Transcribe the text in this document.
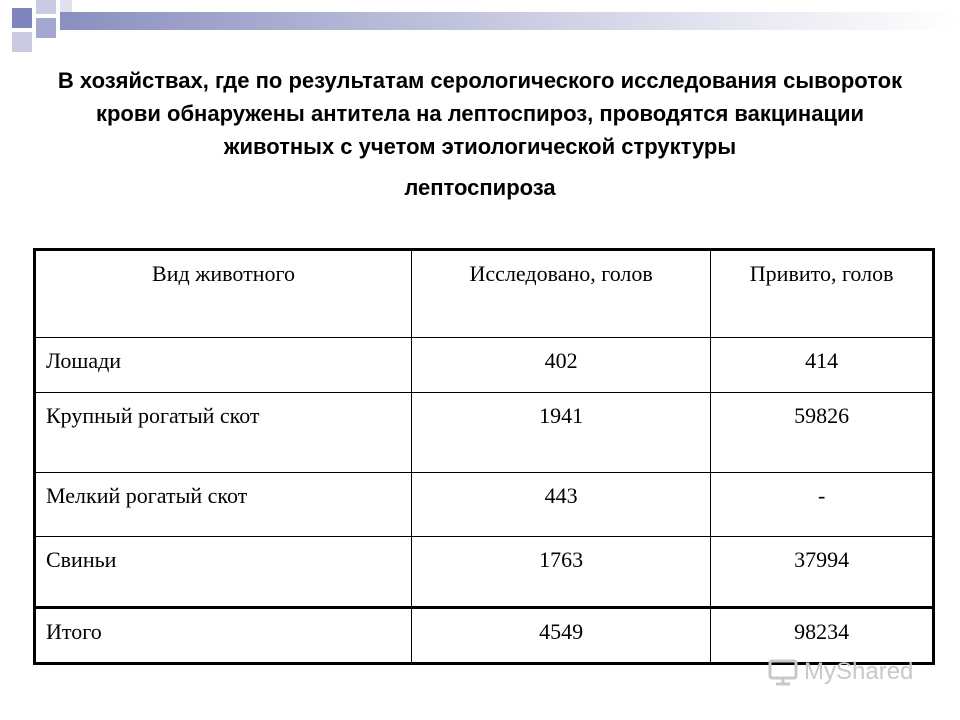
В хозяйствах, где по результатам серологического исследования сывороток крови обнаружены антитела на лептоспироз, проводятся вакцинации животных с учетом этиологической структуры
лептоспироза
Вид животного	Исследовано, голов	Привито, голов
Лошади	402	414
Крупный рогатый скот	1941	59826
Мелкий рогатый скот	443	-
Свиньи	1763	37994
Итого	4549	98234
MyShared
